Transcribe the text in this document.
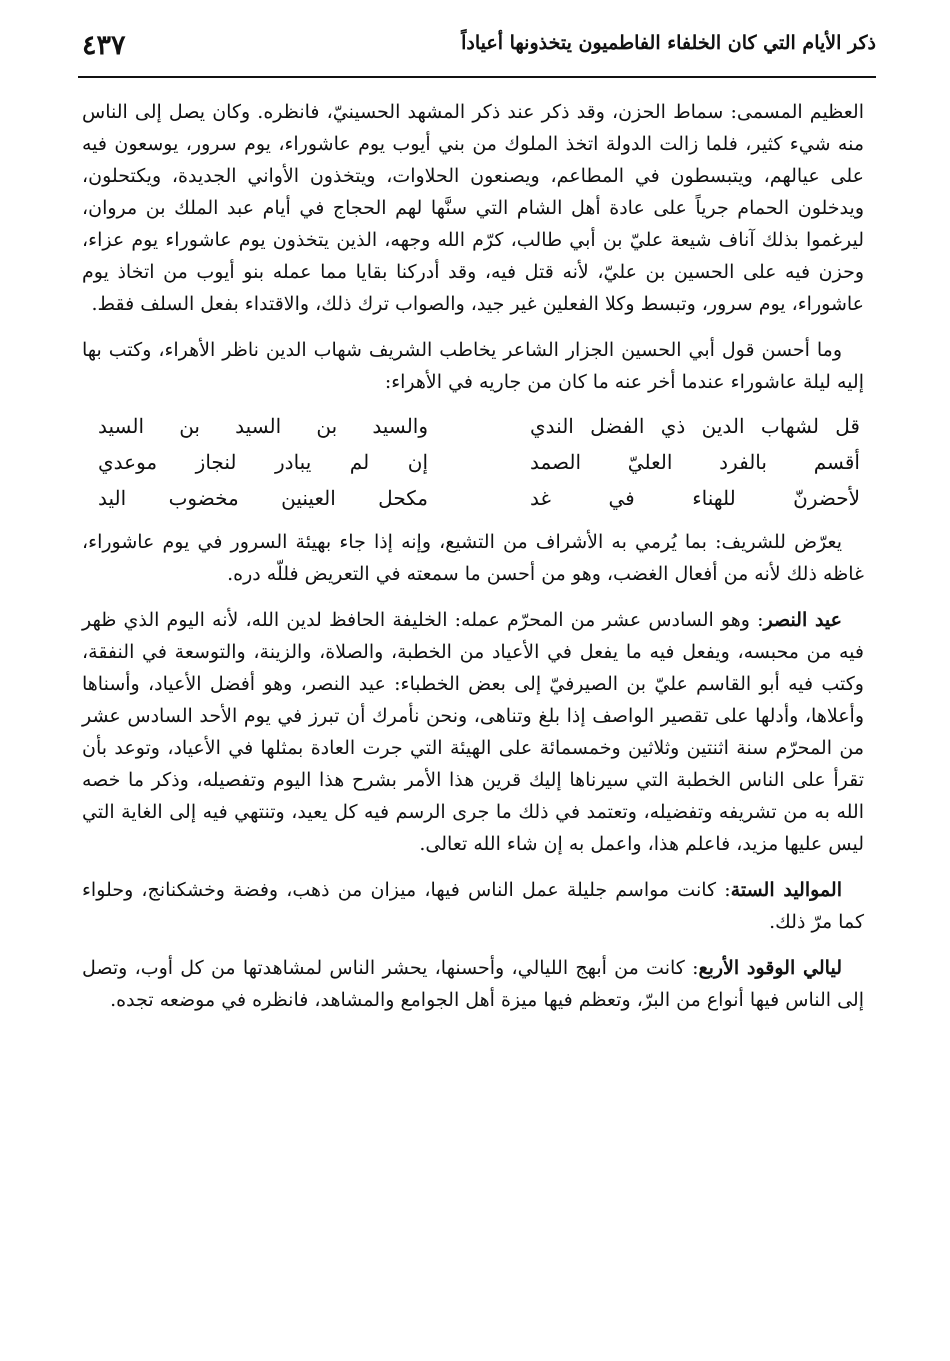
ذكر الأيام التي كان الخلفاء الفاطميون يتخذونها أعياداً
٤٣٧

العظيم المسمى: سماط الحزن، وقد ذكر عند ذكر المشهد الحسينيّ، فانظره. وكان يصل إلى الناس منه شيء كثير، فلما زالت الدولة اتخذ الملوك من بني أيوب يوم عاشوراء، يوم سرور، يوسعون فيه على عيالهم، ويتبسطون في المطاعم، ويصنعون الحلاوات، ويتخذون الأواني الجديدة، ويكتحلون، ويدخلون الحمام جرياً على عادة أهل الشام التي سنَّها لهم الحجاج في أيام عبد الملك بن مروان، ليرغموا بذلك آناف شيعة عليّ بن أبي طالب، كرّم الله وجهه، الذين يتخذون يوم عاشوراء يوم عزاء، وحزن فيه على الحسين بن عليّ، لأنه قتل فيه، وقد أدركنا بقايا مما عمله بنو أيوب من اتخاذ يوم عاشوراء، يوم سرور، وتبسط وكلا الفعلين غير جيد، والصواب ترك ذلك، والاقتداء بفعل السلف فقط.

وما أحسن قول أبي الحسين الجزار الشاعر يخاطب الشريف شهاب الدين ناظر الأهراء، وكتب بها إليه ليلة عاشوراء عندما أخر عنه ما كان من جاريه في الأهراء:

قل لشهاب الدين ذي الفضل الندي
والسيد بن السيد بن السيد
أقسم بالفرد العليّ الصمد
إن لم يبادر لنجاز موعدي
لأحضرنّ للهناء في غد
مكحل العينين مخضوب اليد

يعرّض للشريف: بما يُرمي به الأشراف من التشيع، وإنه إذا جاء بهيئة السرور في يوم عاشوراء، غاظه ذلك لأنه من أفعال الغضب، وهو من أحسن ما سمعته في التعريض فللّه دره.

عيد النصر: وهو السادس عشر من المحرّم عمله: الخليفة الحافظ لدين الله، لأنه اليوم الذي ظهر فيه من محبسه، ويفعل فيه ما يفعل في الأعياد من الخطبة، والصلاة، والزينة، والتوسعة في النفقة، وكتب فيه أبو القاسم عليّ بن الصيرفيّ إلى بعض الخطباء: عيد النصر، وهو أفضل الأعياد، وأسناها وأعلاها، وأدلها على تقصير الواصف إذا بلغ وتناهى، ونحن نأمرك أن تبرز في يوم الأحد السادس عشر من المحرّم سنة اثنتين وثلاثين وخمسمائة على الهيئة التي جرت العادة بمثلها في الأعياد، وتوعد بأن تقرأ على الناس الخطبة التي سيرناها إليك قرين هذا الأمر بشرح هذا اليوم وتفصيله، وذكر ما خصه الله به من تشريفه وتفضيله، وتعتمد في ذلك ما جرى الرسم فيه كل يعيد، وتنتهي فيه إلى الغاية التي ليس عليها مزيد، فاعلم هذا، واعمل به إن شاء الله تعالى.

المواليد الستة: كانت مواسم جليلة عمل الناس فيها، ميزان من ذهب، وفضة وخشكنانج، وحلواء كما مرّ ذلك.

ليالي الوقود الأربع: كانت من أبهج الليالي، وأحسنها، يحشر الناس لمشاهدتها من كل أوب، وتصل إلى الناس فيها أنواع من البرّ، وتعظم فيها ميزة أهل الجوامع والمشاهد، فانظره في موضعه تجده.
